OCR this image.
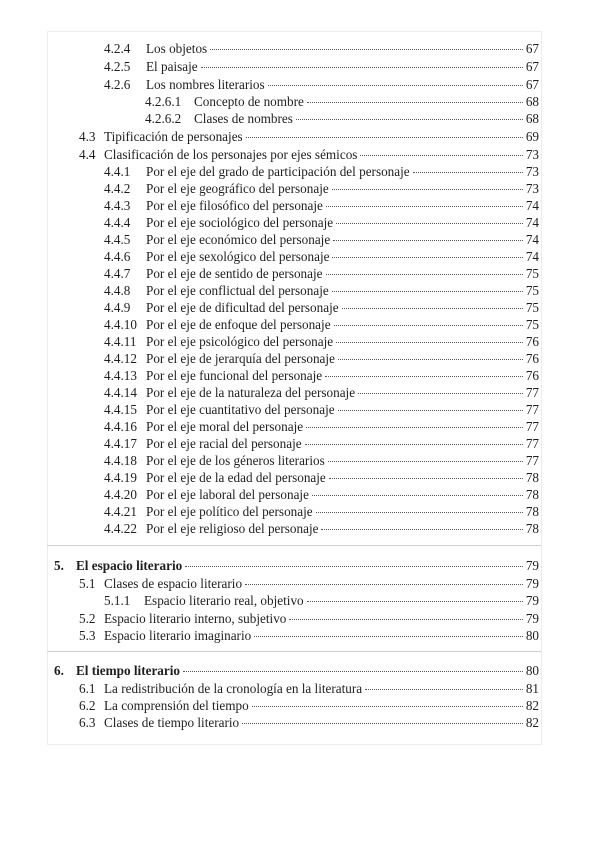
4.2.4	Los objetos	67
4.2.5	El paisaje	67
4.2.6	Los nombres literarios	67
4.2.6.1 Concepto de nombre	68
4.2.6.2 Clases de nombres	68
4.3 Tipificación de personajes	69
4.4 Clasificación de los personajes por ejes sémicos	73
4.4.1	Por el eje del grado de participación del personaje	73
4.4.2	Por el eje geográfico del personaje	73
4.4.3	Por el eje filosófico del personaje	74
4.4.4	Por el eje sociológico del personaje	74
4.4.5	Por el eje económico del personaje	74
4.4.6	Por el eje sexológico del personaje	74
4.4.7	Por el eje de sentido de personaje	75
4.4.8	Por el eje conflictual del personaje	75
4.4.9	Por el eje de dificultad del personaje	75
4.4.10 Por el eje de enfoque del personaje	75
4.4.11 Por el eje psicológico del personaje	76
4.4.12 Por el eje de jerarquía del personaje	76
4.4.13 Por el eje funcional del personaje	76
4.4.14 Por el eje de la naturaleza del personaje	77
4.4.15 Por el eje cuantitativo del personaje	77
4.4.16 Por el eje moral del personaje	77
4.4.17 Por el eje racial del personaje	77
4.4.18 Por el eje de los géneros literarios	77
4.4.19 Por el eje de la edad del personaje	78
4.4.20 Por el eje laboral del personaje	78
4.4.21 Por el eje político del personaje	78
4.4.22 Por el eje religioso del personaje	78
5. El espacio literario	79
5.1 Clases de espacio literario	79
5.1.1	Espacio literario real, objetivo	79
5.2 Espacio literario interno, subjetivo	79
5.3 Espacio literario imaginario	80
6. El tiempo literario	80
6.1 La redistribución de la cronología en la literatura	81
6.2 La comprensión del tiempo	82
6.3 Clases de tiempo literario	82
